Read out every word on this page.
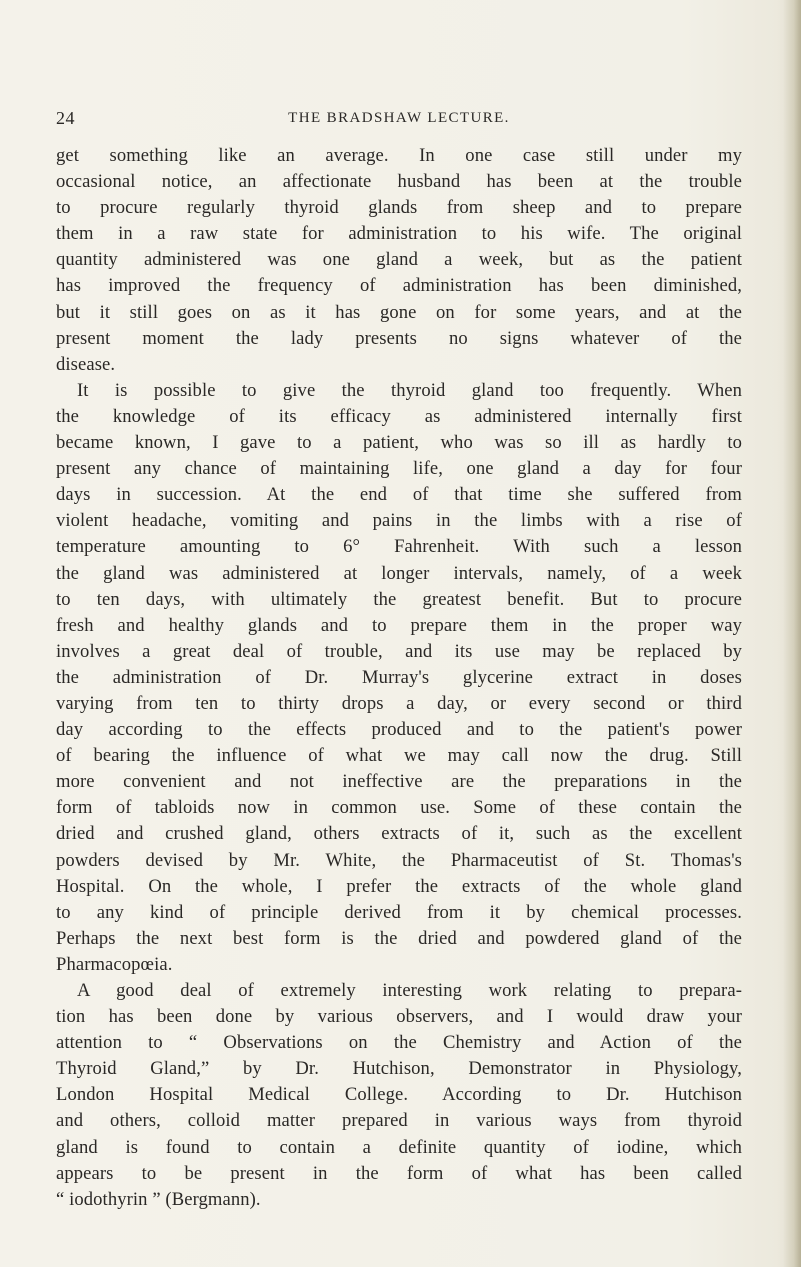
24	THE BRADSHAW LECTURE.
get something like an average. In one case still under my
occasional notice, an affectionate husband has been at the trouble
to procure regularly thyroid glands from sheep and to prepare
them in a raw state for administration to his wife. The original
quantity administered was one gland a week, but as the patient
has improved the frequency of administration has been diminished,
but it still goes on as it has gone on for some years, and at the
present moment the lady presents no signs whatever of the
disease.
It is possible to give the thyroid gland too frequently. When
the knowledge of its efficacy as administered internally first
became known, I gave to a patient, who was so ill as hardly to
present any chance of maintaining life, one gland a day for four
days in succession. At the end of that time she suffered from
violent headache, vomiting and pains in the limbs with a rise of
temperature amounting to 6° Fahrenheit. With such a lesson
the gland was administered at longer intervals, namely, of a week
to ten days, with ultimately the greatest benefit. But to procure
fresh and healthy glands and to prepare them in the proper way
involves a great deal of trouble, and its use may be replaced by
the administration of Dr. Murray's glycerine extract in doses
varying from ten to thirty drops a day, or every second or third
day according to the effects produced and to the patient's power
of bearing the influence of what we may call now the drug. Still
more convenient and not ineffective are the preparations in the
form of tabloids now in common use. Some of these contain the
dried and crushed gland, others extracts of it, such as the excellent
powders devised by Mr. White, the Pharmaceutist of St. Thomas's
Hospital. On the whole, I prefer the extracts of the whole gland
to any kind of principle derived from it by chemical processes.
Perhaps the next best form is the dried and powdered gland of the
Pharmacopœia.
A good deal of extremely interesting work relating to prepara-
tion has been done by various observers, and I would draw your
attention to “ Observations on the Chemistry and Action of the
Thyroid Gland,” by Dr. Hutchison, Demonstrator in Physiology,
London Hospital Medical College. According to Dr. Hutchison
and others, colloid matter prepared in various ways from thyroid
gland is found to contain a definite quantity of iodine, which
appears to be present in the form of what has been called
“ iodothyrin ” (Bergmann).
